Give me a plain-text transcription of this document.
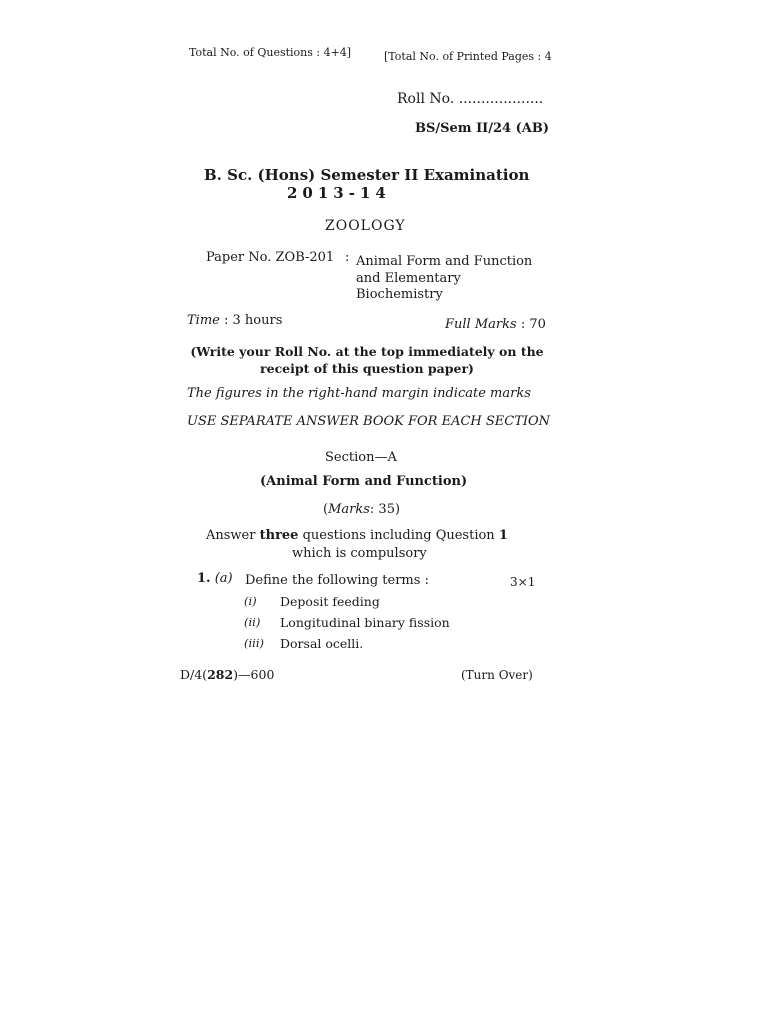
Total No. of Questions : 4+4]	[Total No. of Printed Pages : 4
Roll No. ...................
BS/Sem II/24 (AB)
B. Sc. (Hons) Semester II Examination
2013-14
ZOOLOGY
Paper No. ZOB-201 : Animal Form and Function
and Elementary
Biochemistry
Time : 3 hours	Full Marks : 70
(Write your Roll No. at the top immediately on the receipt of this question paper)
The figures in the right-hand margin indicate marks
USE SEPARATE ANSWER BOOK FOR EACH SECTION
Section—A
(Animal Form and Function)
(Marks: 35)
Answer three questions including Question 1
which is compulsory
1. (a) Define the following terms :	3×1
(i) Deposit feeding
(ii) Longitudinal binary fission
(iii) Dorsal ocelli.
D/4(282)—600	(Turn Over)
